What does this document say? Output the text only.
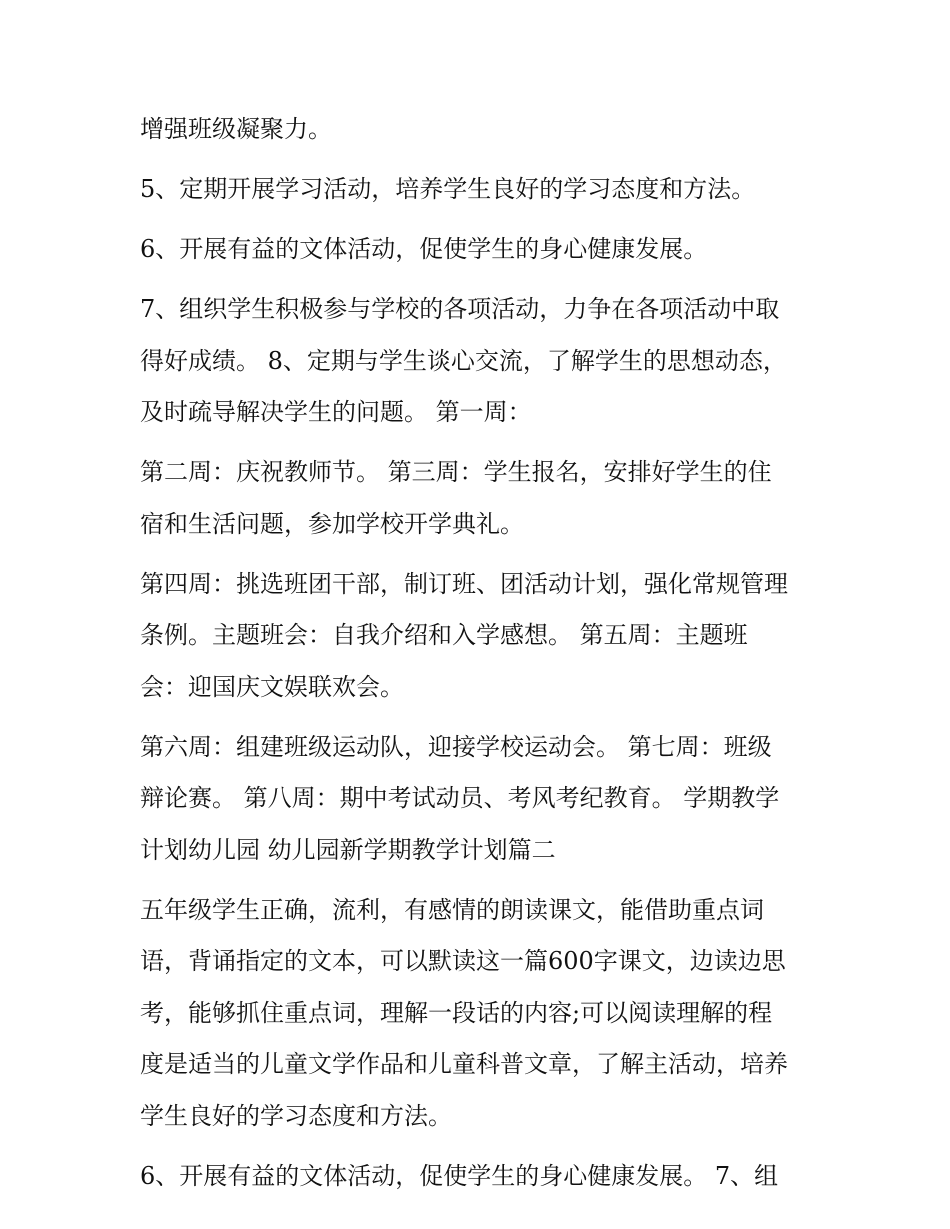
增强班级凝聚力。

5、定期开展学习活动，培养学生良好的学习态度和方法。

6、开展有益的文体活动，促使学生的身心健康发展。

7、组织学生积极参与学校的各项活动，力争在各项活动中取
得好成绩。 8、定期与学生谈心交流，了解学生的思想动态，
及时疏导解决学生的问题。 第一周：

第二周：庆祝教师节。 第三周：学生报名，安排好学生的住
宿和生活问题，参加学校开学典礼。

第四周：挑选班团干部，制订班、团活动计划，强化常规管理
条例。主题班会：自我介绍和入学感想。 第五周：主题班
会：迎国庆文娱联欢会。

第六周：组建班级运动队，迎接学校运动会。 第七周：班级
辩论赛。 第八周：期中考试动员、考风考纪教育。 学期教学
计划幼儿园 幼儿园新学期教学计划篇二

五年级学生正确，流利，有感情的朗读课文，能借助重点词
语，背诵指定的文本，可以默读这一篇600字课文，边读边思
考，能够抓住重点词，理解一段话的内容;可以阅读理解的程
度是适当的儿童文学作品和儿童科普文章，了解主活动，培养
学生良好的学习态度和方法。

6、开展有益的文体活动，促使学生的身心健康发展。 7、组
